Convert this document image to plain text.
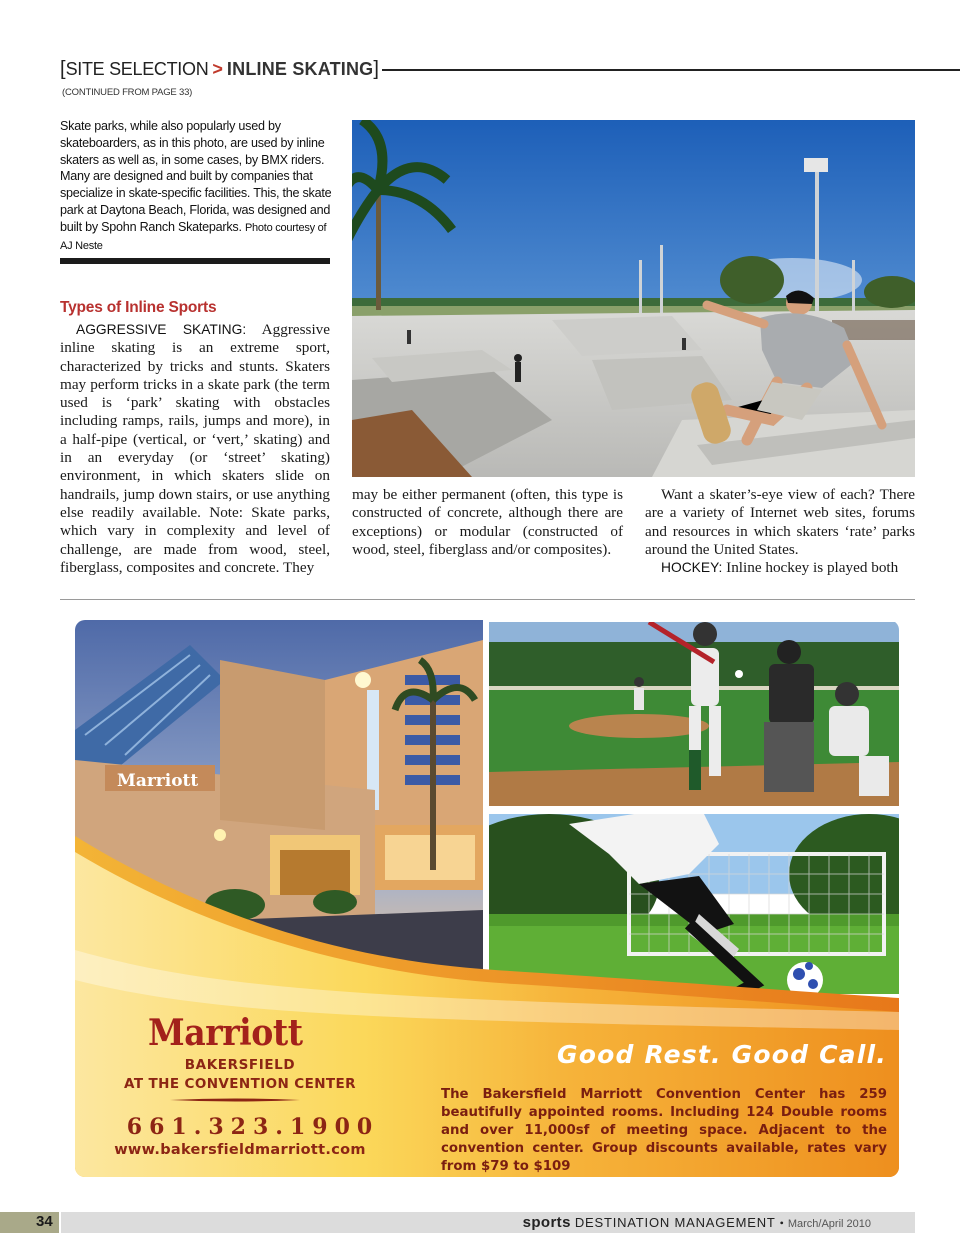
[SITE SELECTION > INLINE SKATING]
(CONTINUED FROM PAGE 33)
Skate parks, while also popularly used by skateboarders, as in this photo, are used by inline skaters as well as, in some cases, by BMX riders. Many are designed and built by companies that specialize in skate-specific facilities. This, the skate park at Daytona Beach, Florida, was designed and built by Spohn Ranch Skateparks. Photo courtesy of AJ Neste
Types of Inline Sports

AGGRESSIVE SKATING: Aggressive inline skating is an extreme sport, characterized by tricks and stunts. Skaters may perform tricks in a skate park (the term used is ‘park’ skating with obstacles including ramps, rails, jumps and more), in a half-pipe (vertical, or ‘vert,’ skating) and in an everyday (or ‘street’ skating) environment, in which skaters slide on handrails, jump down stairs, or use anything else readily available. Note: Skate parks, which vary in complexity and level of challenge, are made from wood, steel, fiberglass, composites and concrete. They

may be either permanent (often, this type is constructed of concrete, although there are exceptions) or modular (constructed of wood, steel, fiberglass and/or composites).

Want a skater’s-eye view of each? There are a variety of Internet web sites, forums and resources in which skaters ‘rate’ parks around the United States.

HOCKEY: Inline hockey is played both

Marriott
Marriott
BAKERSFIELD
AT THE CONVENTION CENTER
661.323.1900
www.bakersfieldmarriott.com
Good Rest. Good Call.
The Bakersfield Marriott Convention Center has 259 beautifully appointed rooms. Including 124 Double rooms and over 11,000sf of meeting space. Adjacent to the convention center. Group discounts available, rates vary from $79 to $109
34	sports DESTINATION MANAGEMENT • March/April 2010
